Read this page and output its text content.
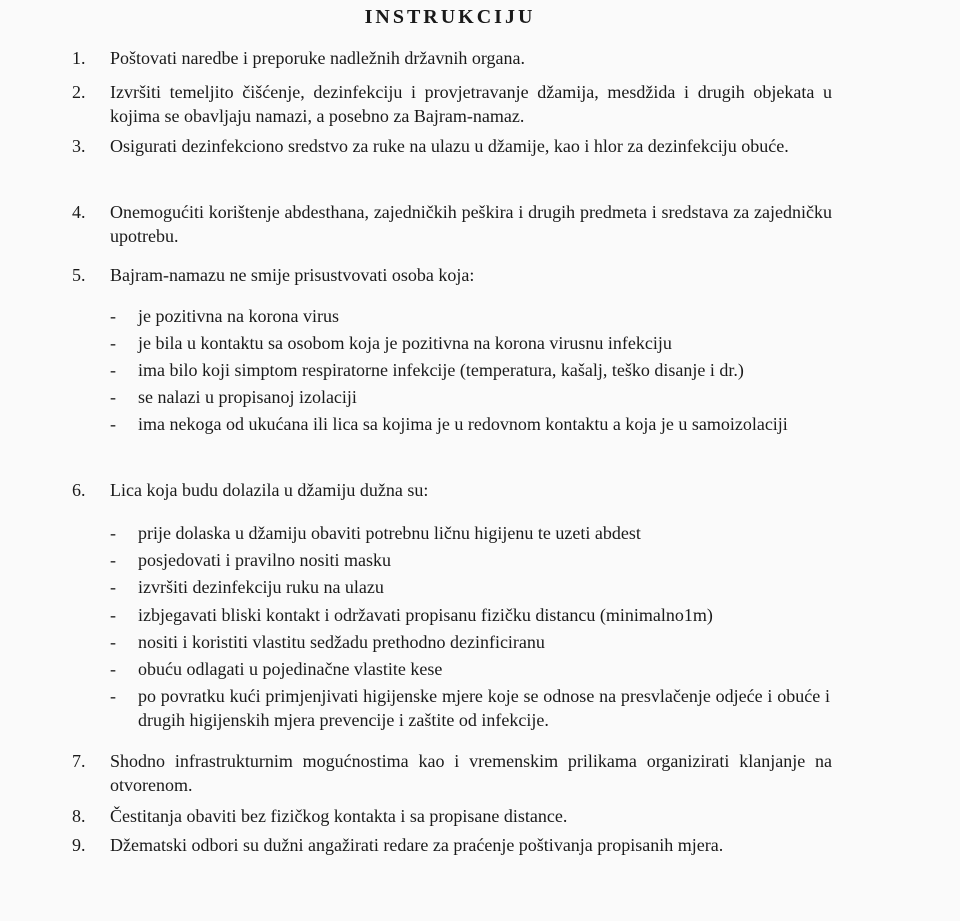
INSTRUKCIJU
1.	Poštovati naredbe i preporuke nadležnih državnih organa.
2.	Izvršiti temeljito čišćenje, dezinfekciju i provjetravanje džamija, mesdžida i drugih objekata u kojima se obavljaju namazi, a posebno za Bajram-namaz.
3.	Osigurati dezinfekciono sredstvo za ruke na ulazu u džamije, kao i hlor za dezinfekciju obuće.
4.	Onemogućiti korištenje abdesthana, zajedničkih peškira i drugih predmeta i sredstava za zajedničku upotrebu.
5.	Bajram-namazu ne smije prisustvovati osoba koja:
- je pozitivna na korona virus
- je bila u kontaktu sa osobom koja je pozitivna na korona virusnu infekciju
- ima bilo koji simptom respiratorne infekcije (temperatura, kašalj, teško disanje i dr.)
- se nalazi u propisanoj izolaciji
- ima nekoga od ukućana ili lica sa kojima je u redovnom kontaktu a koja je u samoizolaciji
6.	Lica koja budu dolazila u džamiju dužna su:
- prije dolaska u džamiju obaviti potrebnu ličnu higijenu te uzeti abdest
- posjedovati i pravilno nositi masku
- izvršiti dezinfekciju ruku na ulazu
- izbjegavati bliski kontakt i održavati propisanu fizičku distancu (minimalno1m)
- nositi i koristiti vlastitu sedžadu prethodno dezinficiranu
- obuću odlagati u pojedinačne vlastite kese
- po povratku kući primjenjivati higijenske mjere koje se odnose na presvlačenje odjeće i obuće i drugih higijenskih mjera prevencije i zaštite od infekcije.
7.	Shodno infrastrukturnim mogućnostima kao i vremenskim prilikama organizirati klanjanje na otvorenom.
8.	Čestitanja obaviti bez fizičkog kontakta i sa propisane distance.
9.	Džematski odbori su dužni angažirati redare za praćenje poštivanja propisanih mjera.
